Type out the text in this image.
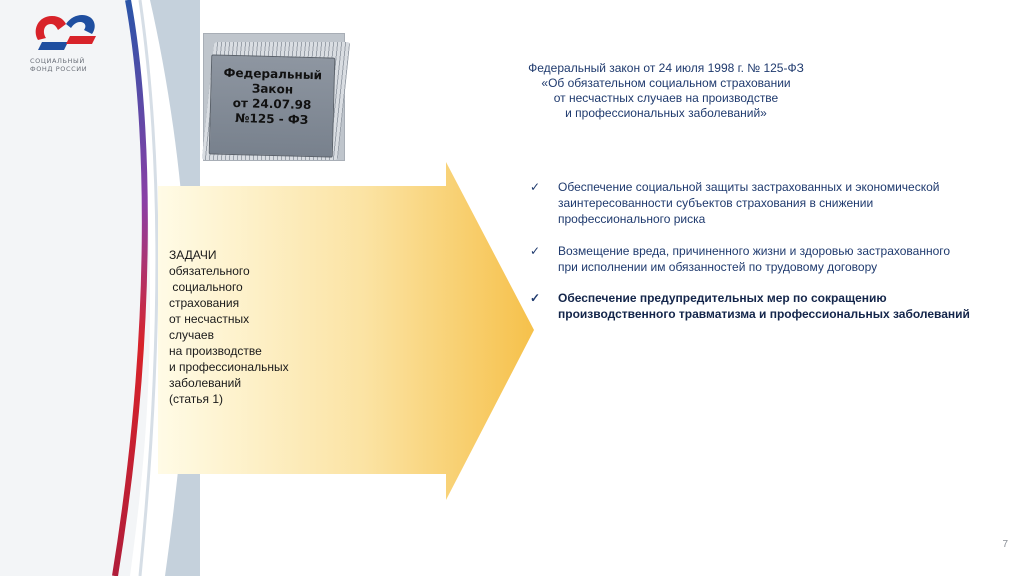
СОЦИАЛЬНЫЙ
ФОНД РОССИИ	Федеральный
Закон
от 24.07.98
№125 - ФЗ
Федеральный закон от 24 июля 1998 г. № 125-ФЗ
«Об обязательном социальном страховании
от несчастных случаев на производстве
и профессиональных заболеваний»
ЗАДАЧИ
обязательного
социального
страхования
от несчастных
случаев
на производстве
и профессиональных
заболеваний
(статья 1)
✓ Обеспечение социальной защиты застрахованных и экономической
заинтересованности субъектов страхования в снижении
профессионального риска
✓ Возмещение вреда, причиненного жизни и здоровью застрахованного
при исполнении им обязанностей по трудовому договору
✓ Обеспечение предупредительных мер по сокращению
производственного травматизма и профессиональных заболеваний
7
